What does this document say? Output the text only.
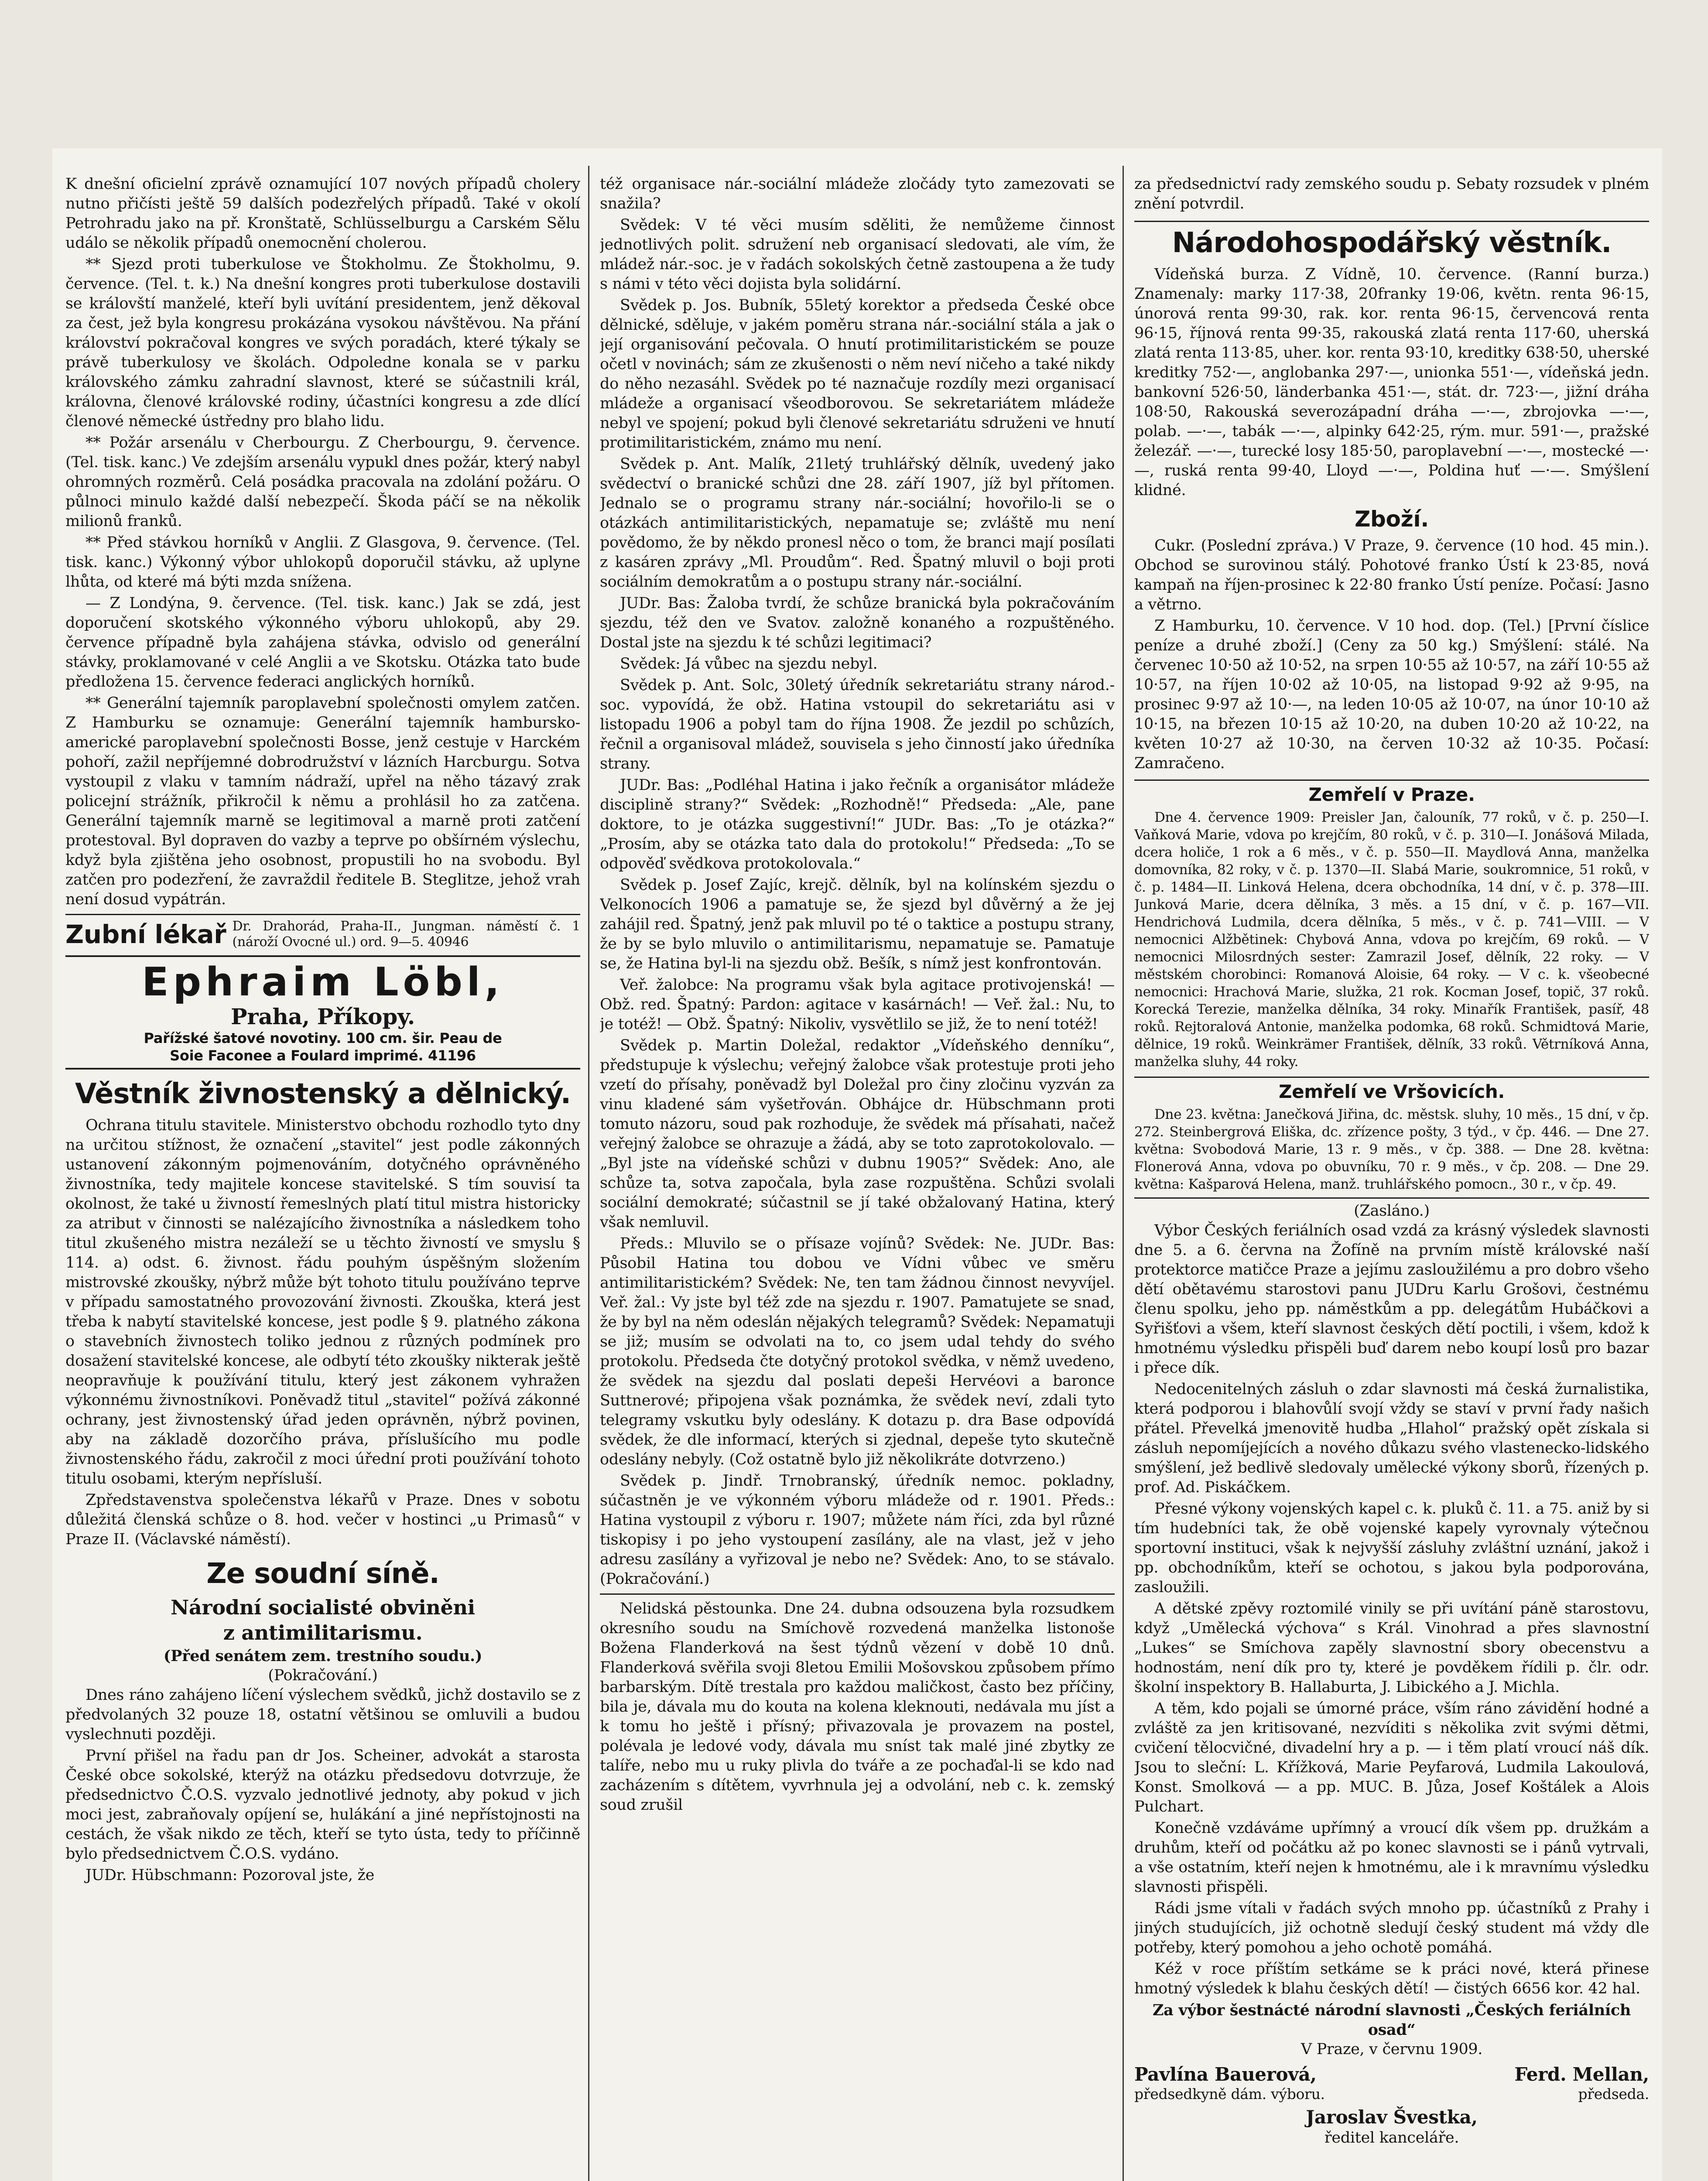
K dnešní oficielní zprávě oznamující 107 nových případů cholery nutno přičísti ještě 59 dalších podezřelých případů. Také v okolí Petrohradu jako na př. Kronštatě, Schlüsselburgu a Carském Sělu událo se několik případů onemocnění cholerou.

** Sjezd proti tuberkulose ve Štokholmu. Ze Štokholmu, 9. července. (Tel. t. k.) Na dnešní kongres proti tuberkulose dostavili se královští manželé, kteří byli uvítání presidentem, jenž děkoval za čest, jež byla kongresu prokázána vysokou návštěvou. Na přání království pokračoval kongres ve svých poradách, které týkaly se právě tuberkulosy ve školách. Odpoledne konala se v parku královského zámku zahradní slavnost, které se súčastnili král, královna, členové královské rodiny, účastníci kongresu a zde dlící členové německé ústředny pro blaho lidu.

** Požár arsenálu v Cherbourgu. Z Cherbourgu, 9. července. (Tel. tisk. kanc.) Ve zdejším arsenálu vypukl dnes požár, který nabyl ohromných rozměrů. Celá posádka pracovala na zdolání požáru. O půlnoci minulo každé další nebezpečí. Škoda páčí se na několik milionů franků.

** Před stávkou horníků v Anglii. Z Glasgova, 9. července. (Tel. tisk. kanc.) Výkonný výbor uhlokopů doporučil stávku, až uplyne lhůta, od které má býti mzda snížena.

— Z Londýna, 9. července. (Tel. tisk. kanc.) Jak se zdá, jest doporučení skotského výkonného výboru uhlokopů, aby 29. července případně byla zahájena stávka, odvislo od generální stávky, proklamované v celé Anglii a ve Skotsku. Otázka tato bude předložena 15. července federaci anglických horníků.

** Generální tajemník paroplavební společnosti omylem zatčen. Z Hamburku se oznamuje: Generální tajemník hambursko-americké paroplavební společnosti Bosse, jenž cestuje v Harckém pohoří, zažil nepříjemné dobrodružství v lázních Harcburgu. Sotva vystoupil z vlaku v tamním nádraží, upřel na něho tázavý zrak policejní strážník, přikročil k němu a prohlásil ho za zatčena. Generální tajemník marně se legitimoval a marně proti zatčení protestoval. Byl dopraven do vazby a teprve po obšírném výslechu, když byla zjištěna jeho osobnost, propustili ho na svobodu. Byl zatčen pro podezření, že zavraždil ředitele B. Steglitze, jehož vrah není dosud vypátrán.

Zubní lékař Dr. Drahorád, Praha-II., Jungman. náměstí č. 1 (nároží Ovocné ul.) ord. 9—5. 40946
Ephraim Löbl,
Praha, Příkopy.
Pařížské šatové novotiny. 100 cm. šir. Peau de
Soie Faconee a Foulard imprimé. 41196
Věstník živnostenský a dělnický.

Ochrana titulu stavitele. Ministerstvo obchodu rozhodlo tyto dny na určitou stížnost, že označení „stavitel“ jest podle zákonných ustanovení zákonným pojmenováním, dotyčného oprávněného živnostníka, tedy majitele koncese stavitelské. S tím souvisí ta okolnost, že také u živností řemeslných platí titul mistra historicky za atribut v činnosti se nalézajícího živnostníka a následkem toho titul zkušeného mistra nezáleží se u těchto živností ve smyslu § 114. a) odst. 6. živnost. řádu pouhým úspěšným složením mistrovské zkoušky, nýbrž může být tohoto titulu používáno teprve v případu samostatného provozování živnosti. Zkouška, která jest třeba k nabytí stavitelské koncese, jest podle § 9. platného zákona o stavebních živnostech toliko jednou z různých podmínek pro dosažení stavitelské koncese, ale odbytí této zkoušky nikterak ještě neopravňuje k používání titulu, který jest zákonem vyhražen výkonnému živnostníkovi. Poněvadž titul „stavitel“ požívá zákonné ochrany, jest živnostenský úřad jeden oprávněn, nýbrž povinen, aby na základě dozorčího práva, příslušícího mu podle živnostenského řádu, zakročil z moci úřední proti používání tohoto titulu osobami, kterým nepřísluší.

Zpředstavenstva společenstva lékařů v Praze. Dnes v sobotu důležitá členská schůze o 8. hod. večer v hostinci „u Primasů“ v Praze II. (Václavské náměstí).

Ze soudní síně.
Národní socialisté obviněni
z antimilitarismu.
(Před senátem zem. trestního soudu.)
(Pokračování.)

Dnes ráno zahájeno líčení výslechem svědků, jichž dostavilo se z předvolaných 32 pouze 18, ostatní většinou se omluvili a budou vyslechnuti později.

První přišel na řadu pan dr Jos. Scheiner, advokát a starosta České obce sokolské, kterýž na otázku předsedovu dotvrzuje, že předsednictvo Č.O.S. vyzvalo jednotlivé jednoty, aby pokud v jich moci jest, zabraňovaly opíjení se, hulákání a jiné nepřístojnosti na cestách, že však nikdo ze těch, kteří se tyto ústa, tedy to příčinně bylo předsednictvem Č.O.S. vydáno.

JUDr. Hübschmann: Pozoroval jste, že

též organisace nár.-sociální mládeže zločády tyto zamezovati se snažila?

Svědek: V té věci musím sděliti, že nemůžeme činnost jednotlivých polit. sdružení neb organisací sledovati, ale vím, že mládež nár.-soc. je v řadách sokolských četně zastoupena a že tudy s námi v této věci dojista byla solidární.

Svědek p. Jos. Bubník, 55letý korektor a předseda České obce dělnické, sděluje, v jakém poměru strana nár.-sociální stála a jak o její organisování pečovala. O hnutí protimilitaristickém se pouze očetl v novinách; sám ze zkušenosti o něm neví ničeho a také nikdy do něho nezasáhl. Svědek po té naznačuje rozdíly mezi organisací mládeže a organisací všeodborovou. Se sekretariátem mládeže nebyl ve spojení; pokud byli členové sekretariátu sdruženi ve hnutí protimilitaristickém, známo mu není.

Svědek p. Ant. Malík, 21letý truhlářský dělník, uvedený jako svědectví o branické schůzi dne 28. září 1907, jíž byl přítomen. Jednalo se o programu strany nár.-sociální; hovořilo-li se o otázkách antimilitaristických, nepamatuje se; zvláště mu není povědomo, že by někdo pronesl něco o tom, že branci mají posílati z kasáren zprávy „Ml. Proudům“. Red. Špatný mluvil o boji proti sociálním demokratům a o postupu strany nár.-sociální.

JUDr. Bas: Žaloba tvrdí, že schůze branická byla pokračováním sjezdu, též den ve Svatov. založně konaného a rozpuštěného. Dostal jste na sjezdu k té schůzi legitimaci?

Svědek: Já vůbec na sjezdu nebyl.

Svědek p. Ant. Solc, 30letý úředník sekretariátu strany národ.-soc. vypovídá, že obž. Hatina vstoupil do sekretariátu asi v listopadu 1906 a pobyl tam do října 1908. Že jezdil po schůzích, řečnil a organisoval mládež, souvisela s jeho činností jako úředníka strany.

JUDr. Bas: „Podléhal Hatina i jako řečník a organisátor mládeže disciplině strany?“ Svědek: „Rozhodně!“ Předseda: „Ale, pane doktore, to je otázka suggestivní!“ JUDr. Bas: „To je otázka?“ „Prosím, aby se otázka tato dala do protokolu!“ Předseda: „To se odpověď svědkova protokolovala.“

Svědek p. Josef Zajíc, krejč. dělník, byl na kolínském sjezdu o Velkonocích 1906 a pamatuje se, že sjezd byl důvěrný a že jej zahájil red. Špatný, jenž pak mluvil po té o taktice a postupu strany, že by se bylo mluvilo o antimilitarismu, nepamatuje se. Pamatuje se, že Hatina byl-li na sjezdu obž. Bešík, s nímž jest konfrontován.

Veř. žalobce: Na programu však byla agitace protivojenská! — Obž. red. Špatný: Pardon: agitace v kasárnách! — Veř. žal.: Nu, to je totéž! — Obž. Špatný: Nikoliv, vysvětlilo se již, že to není totéž!

Svědek p. Martin Doležal, redaktor „Vídeňského denníku“, předstupuje k výslechu; veřejný žalobce však protestuje proti jeho vzetí do přísahy, poněvadž byl Doležal pro činy zločinu vyzván za vinu kladené sám vyšetřován. Obhájce dr. Hübschmann proti tomuto názoru, soud pak rozhoduje, že svědek má přísahati, načež veřejný žalobce se ohrazuje a žádá, aby se toto zaprotokolovalo. — „Byl jste na vídeňské schůzi v dubnu 1905?“ Svědek: Ano, ale schůze ta, sotva započala, byla zase rozpuštěna. Schůzi svolali sociální demokraté; súčastnil se jí také obžalovaný Hatina, který však nemluvil.

Předs.: Mluvilo se o přísaze vojínů? Svědek: Ne. JUDr. Bas: Působil Hatina tou dobou ve Vídni vůbec ve směru antimilitaristickém? Svědek: Ne, ten tam žádnou činnost nevyvíjel. Veř. žal.: Vy jste byl též zde na sjezdu r. 1907. Pamatujete se snad, že by byl na něm odeslán nějakých telegramů? Svědek: Nepamatuji se již; musím se odvolati na to, co jsem udal tehdy do svého protokolu. Předseda čte dotyčný protokol svědka, v němž uvedeno, že svědek na sjezdu dal poslati depeši Hervéovi a baronce Suttnerové; připojena však poznámka, že svědek neví, zdali tyto telegramy vskutku byly odeslány. K dotazu p. dra Base odpovídá svědek, že dle informací, kterých si zjednal, depeše tyto skutečně odeslány nebyly. (Což ostatně bylo již několikráte dotvrzeno.)

Svědek p. Jindř. Trnobranský, úředník nemoc. pokladny, súčastněn je ve výkonném výboru mládeže od r. 1901. Předs.: Hatina vystoupil z výboru r. 1907; můžete nám říci, zda byl různé tiskopisy i po jeho vystoupení zasílány, ale na vlast, jež v jeho adresu zasílány a vyřizoval je nebo ne? Svědek: Ano, to se stávalo. (Pokračování.)

Nelidská pěstounka. Dne 24. dubna odsouzena byla rozsudkem okresního soudu na Smíchově rozvedená manželka listonoše Božena Flanderková na šest týdnů vězení v době 10 dnů. Flanderková svěřila svoji 8letou Emilii Mošovskou způsobem přímo barbarským. Dítě trestala pro každou maličkost, často bez příčiny, bila je, dávala mu do kouta na kolena kleknouti, nedávala mu jíst a k tomu ho ještě i přísný; přivazovala je provazem na postel, polévala je ledové vody, dávala mu sníst tak malé jiné zbytky ze talíře, nebo mu u ruky plivla do tváře a ze pochaďal-li se kdo nad zacházením s dítětem, vyvrhnula jej a odvolání, neb c. k. zemský soud zrušil

za předsednictví rady zemského soudu p. Sebaty rozsudek v plném znění potvrdil.

Národohospodářský věstník.

Vídeňská burza. Z Vídně, 10. července. (Ranní burza.) Znamenaly: marky 117·38, 20franky 19·06, květn. renta 96·15, únorová renta 99·30, rak. kor. renta 96·15, červencová renta 96·15, říjnová renta 99·35, rakouská zlatá renta 117·60, uherská zlatá renta 113·85, uher. kor. renta 93·10, kreditky 638·50, uherské kreditky 752·—, anglobanka 297·—, unionka 551·—, vídeňská jedn. bankovní 526·50, länderbanka 451·—, stát. dr. 723·—, jižní dráha 108·50, Rakouská severozápadní dráha —·—, zbrojovka —·—, polab. —·—, tabák —·—, alpinky 642·25, rým. mur. 591·—, pražské železář. —·—, turecké losy 185·50, paroplavební —·—, mostecké —·—, ruská renta 99·40, Lloyd —·—, Poldina huť —·—. Smýšlení klidné.

Zboží.

Cukr. (Poslední zpráva.) V Praze, 9. července (10 hod. 45 min.). Obchod se surovinou stálý. Pohotové franko Ústí k 23·85, nová kampaň na říjen-prosinec k 22·80 franko Ústí peníze. Počasí: Jasno a větrno.

Z Hamburku, 10. července. V 10 hod. dop. (Tel.) [První číslice peníze a druhé zboží.] (Ceny za 50 kg.) Smýšlení: stálé. Na červenec 10·50 až 10·52, na srpen 10·55 až 10·57, na září 10·55 až 10·57, na říjen 10·02 až 10·05, na listopad 9·92 až 9·95, na prosinec 9·97 až 10·—, na leden 10·05 až 10·07, na únor 10·10 až 10·15, na březen 10·15 až 10·20, na duben 10·20 až 10·22, na květen 10·27 až 10·30, na červen 10·32 až 10·35. Počasí: Zamračeno.

Zemřelí v Praze.

Dne 4. července 1909: Preisler Jan, čalouník, 77 roků, v č. p. 250—I. Vaňková Marie, vdova po krejčím, 80 roků, v č. p. 310—I. Jonášová Milada, dcera holiče, 1 rok a 6 měs., v č. p. 550—II. Maydlová Anna, manželka domovníka, 82 roky, v č. p. 1370—II. Slabá Marie, soukromnice, 51 roků, v č. p. 1484—II. Linková Helena, dcera obchodníka, 14 dní, v č. p. 378—III. Junková Marie, dcera dělníka, 3 měs. a 15 dní, v č. p. 167—VII. Hendrichová Ludmila, dcera dělníka, 5 měs., v č. p. 741—VIII. — V nemocnici Alžbětinek: Chybová Anna, vdova po krejčím, 69 roků. — V nemocnici Milosrdných sester: Zamrazil Josef, dělník, 22 roky. — V městském chorobinci: Romanová Aloisie, 64 roky. — V c. k. všeobecné nemocnici: Hrachová Marie, služka, 21 rok. Kocman Josef, topič, 37 roků. Korecká Terezie, manželka dělníka, 34 roky. Minařík František, pasíř, 48 roků. Rejtoralová Antonie, manželka podomka, 68 roků. Schmidtová Marie, dělnice, 19 roků. Weinkrämer František, dělník, 33 roků. Větrníková Anna, manželka sluhy, 44 roky.

Zemřelí ve Vršovicích.

Dne 23. května: Janečková Jiřina, dc. městsk. sluhy, 10 měs., 15 dní, v čp. 272. Steinbergrová Eliška, dc. zřízence pošty, 3 týd., v čp. 446. — Dne 27. května: Svobodová Marie, 13 r. 9 měs., v čp. 388. — Dne 28. května: Flonerová Anna, vdova po obuvníku, 70 r. 9 měs., v čp. 208. — Dne 29. května: Kašparová Helena, manž. truhlářského pomocn., 30 r., v čp. 49.

(Zasláno.)

Výbor Českých feriálních osad vzdá za krásný výsledek slavnosti dne 5. a 6. června na Žofíně na prvním místě královské naší protektorce matičce Praze a jejímu zasloužilému a pro dobro všeho dětí obětavému starostovi panu JUDru Karlu Grošovi, čestnému členu spolku, jeho pp. náměstkům a pp. delegátům Hubáčkovi a Syřišťovi a všem, kteří slavnost českých dětí poctili, i všem, kdož k hmotnému výsledku přispěli buď darem nebo koupí losů pro bazar i přece dík.

Nedocenitelných zásluh o zdar slavnosti má česká žurnalistika, která podporou i blahovůlí svojí vždy se staví v první řady našich přátel. Převelká jmenovitě hudba „Hlahol“ pražský opět získala si zásluh nepomíjejících a nového důkazu svého vlastenecko-lidského smýšlení, jež bedlivě sledovaly umělecké výkony sborů, řízených p. prof. Ad. Piskáčkem.

Přesné výkony vojenských kapel c. k. pluků č. 11. a 75. aniž by si tím hudebníci tak, že obě vojenské kapely vyrovnaly výtečnou sportovní instituci, však k nejvyšší zásluhy zvláštní uznání, jakož i pp. obchodníkům, kteří se ochotou, s jakou byla podporována, zasloužili.

A dětské zpěvy roztomilé vinily se při uvítání páně starostovu, když „Umělecká výchova“ s Král. Vinohrad a přes slavnostní „Lukes“ se Smíchova zapěly slavnostní sbory obecenstvu a hodnostám, není dík pro ty, které je povděkem řídili p. člr. odr. školní inspektory B. Hallaburta, J. Libického a J. Michla.

A těm, kdo pojali se úmorné práce, vším ráno závidění hodné a zvláště za jen kritisované, nezvíditi s několika zvit svými dětmi, cvičení tělocvičné, divadelní hry a p. — i těm platí vroucí náš dík. Jsou to sleční: L. Křížková, Marie Peyfarová, Ludmila Lakoulová, Konst. Smolková — a pp. MUC. B. Jůza, Josef Koštálek a Alois Pulchart.

Konečně vzdáváme upřímný a vroucí dík všem pp. družkám a druhům, kteří od počátku až po konec slavnosti se i pánů vytrvali, a vše ostatním, kteří nejen k hmotnému, ale i k mravnímu výsledku slavnosti přispěli.

Rádi jsme vítali v řadách svých mnoho pp. účastníků z Prahy i jiných studujících, již ochotně sledují český student má vždy dle potřeby, který pomohou a jeho ochotě pomáhá.

Kéž v roce příštím setkáme se k práci nové, která přinese hmotný výsledek k blahu českých dětí! — čistých 6656 kor. 42 hal.

Za výbor šestnácté národní slavnosti „Českých feriálních osad“
V Praze, v červnu 1909.
Pavlína Bauerová,	Ferd. Mellan,
předsedkyně dám. výboru.	předseda.
Jaroslav Švestka,
ředitel kanceláře.
